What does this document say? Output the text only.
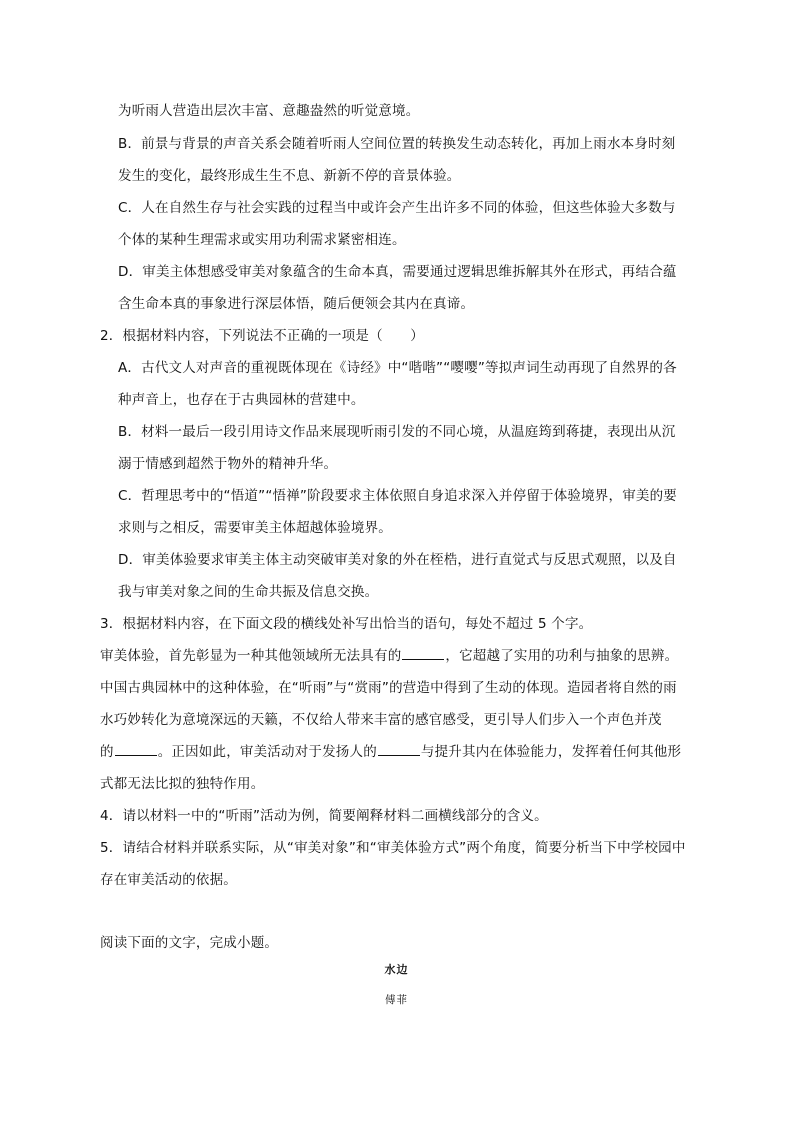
为听雨人营造出层次丰富、意趣盎然的听觉意境。
B．前景与背景的声音关系会随着听雨人空间位置的转换发生动态转化，再加上雨水本身时刻
发生的变化，最终形成生生不息、新新不停的音景体验。
C．人在自然生存与社会实践的过程当中或许会产生出许多不同的体验，但这些体验大多数与
个体的某种生理需求或实用功利需求紧密相连。
D．审美主体想感受审美对象蕴含的生命本真，需要通过逻辑思维拆解其外在形式，再结合蕴
含生命本真的事象进行深层体悟，随后便领会其内在真谛。
2．根据材料内容，下列说法不正确的一项是（　　）
A．古代文人对声音的重视既体现在《诗经》中“喈喈”“嘤嘤”等拟声词生动再现了自然界的各
种声音上，也存在于古典园林的营建中。
B．材料一最后一段引用诗文作品来展现听雨引发的不同心境，从温庭筠到蒋捷，表现出从沉
溺于情感到超然于物外的精神升华。
C．哲理思考中的“悟道”“悟禅”阶段要求主体依照自身追求深入并停留于体验境界，审美的要
求则与之相反，需要审美主体超越体验境界。
D．审美体验要求审美主体主动突破审美对象的外在桎梏，进行直觉式与反思式观照，以及自
我与审美对象之间的生命共振及信息交换。
3．根据材料内容，在下面文段的横线处补写出恰当的语句，每处不超过 5 个字。
审美体验，首先彰显为一种其他领域所无法具有的	，它超越了实用的功利与抽象的思辨。
中国古典园林中的这种体验，在“听雨”与“赏雨”的营造中得到了生动的体现。造园者将自然的雨
水巧妙转化为意境深远的天籁，不仅给人带来丰富的感官感受，更引导人们步入一个声色并茂
的	。正因如此，审美活动对于发扬人的	与提升其内在体验能力，发挥着任何其他形
式都无法比拟的独特作用。
4．请以材料一中的“听雨”活动为例，简要阐释材料二画横线部分的含义。
5．请结合材料并联系实际，从“审美对象”和“审美体验方式”两个角度，简要分析当下中学校园中
存在审美活动的依据。
阅读下面的文字，完成小题。
水边
傅菲
